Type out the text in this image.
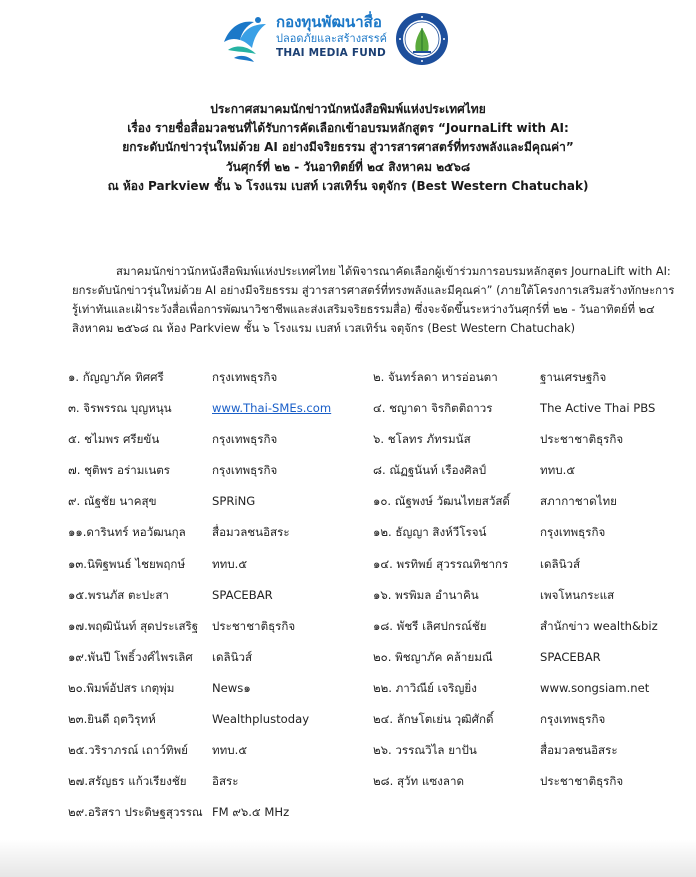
กองทุนพัฒนาสื่อ
ปลอดภัยและสร้างสรรค์
THAI MEDIA FUND
ประกาศสมาคมนักข่าวนักหนังสือพิมพ์แห่งประเทศไทย
เรื่อง รายชื่อสื่อมวลชนที่ได้รับการคัดเลือกเข้าอบรมหลักสูตร “JournaLift with AI:
ยกระดับนักข่าวรุ่นใหม่ด้วย AI อย่างมีจริยธรรม สู่วารสารศาสตร์ที่ทรงพลังและมีคุณค่า”
วันศุกร์ที่ ๒๒ - วันอาทิตย์ที่ ๒๔ สิงหาคม ๒๕๖๘
ณ ห้อง Parkview ชั้น ๖ โรงแรม เบสท์ เวสเทิร์น จตุจักร (Best Western Chatuchak)
สมาคมนักข่าวนักหนังสือพิมพ์แห่งประเทศไทย ได้พิจารณาคัดเลือกผู้เข้าร่วมการอบรมหลักสูตร JournaLift with AI:
ยกระดับนักข่าวรุ่นใหม่ด้วย AI อย่างมีจริยธรรม สู่วารสารศาสตร์ที่ทรงพลังและมีคุณค่า” (ภายใต้โครงการเสริมสร้างทักษะการ
รู้เท่าทันและเฝ้าระวังสื่อเพื่อการพัฒนาวิชาชีพและส่งเสริมจริยธรรมสื่อ) ซึ่งจะจัดขึ้นระหว่างวันศุกร์ที่ ๒๒ - วันอาทิตย์ที่ ๒๔
สิงหาคม ๒๕๖๘ ณ ห้อง Parkview ชั้น ๖ โรงแรม เบสท์ เวสเทิร์น จตุจักร (Best Western Chatuchak)
๑. กัญญาภัค ทิศศรี	กรุงเทพธุรกิจ	๒. จันทร์ลดา หารอ่อนตา	ฐานเศรษฐกิจ
๓. จิรพรรณ บุญหนุน	www.Thai-SMEs.com	๔. ชญาดา จิรกิตติถาวร	The Active Thai PBS
๕. ชไมพร ศรียขัน	กรุงเทพธุรกิจ	๖. ชโลทร ภัทรมนัส	ประชาชาติธุรกิจ
๗. ชุติพร อร่ามเนตร	กรุงเทพธุรกิจ	๘. ณัฏฐนันท์ เรืองศิลป์	ททบ.๕
๙. ณัฐชัย นาคสุข	SPRiNG	๑๐. ณัฐพงษ์ วัฒนไทยสวัสดิ์	สภากาชาดไทย
๑๑.ดารินทร์ หอวัฒนกุล สื่อมวลชนอิสระ	๑๒. ธัญญา สิงห์วีโรจน์	กรุงเทพธุรกิจ
๑๓.นิพิฐพนธ์ ไชยพฤกษ์ ททบ.๕	๑๔. พรทิพย์ สุวรรณทิชากร	เดลินิวส์
๑๕.พรนภัส ตะปะสา	SPACEBAR	๑๖. พรพิมล อำนาคิน	เพจโหนกระแส
๑๗.พฤฒินันท์ สุดประเสริฐ ประชาชาติธุรกิจ	๑๘. พัชรี เลิศปกรณ์ชัย	สำนักข่าว wealth&biz
๑๙.พันปี โพธิ์วงศ์ไพรเลิศ เดลินิวส์	๒๐. พิชญาภัค คล้ายมณี	SPACEBAR
๒๐.พิมพ์อัปสร เกตุพุ่ม	News๑	๒๒. ภาวิณีย์ เจริญยิ่ง	www.songsiam.net
๒๓.ยินดี ฤตวิรุทห์	Wealthplustoday	๒๔. ลักษโตเย่น วุฒิศักดิ์	กรุงเทพธุรกิจ
๒๕.วริราภรณ์ เถาว์ทิพย์ ททบ.๕	๒๖. วรรณวิไล ยาปัน	สื่อมวลชนอิสระ
๒๗.สรัญธร แก้วเรียงชัย อิสระ	๒๘. สุวัท แซงลาด	ประชาชาติธุรกิจ
๒๙.อริสรา ประดิษฐสุวรรณ FM ๙๖.๕ MHz
